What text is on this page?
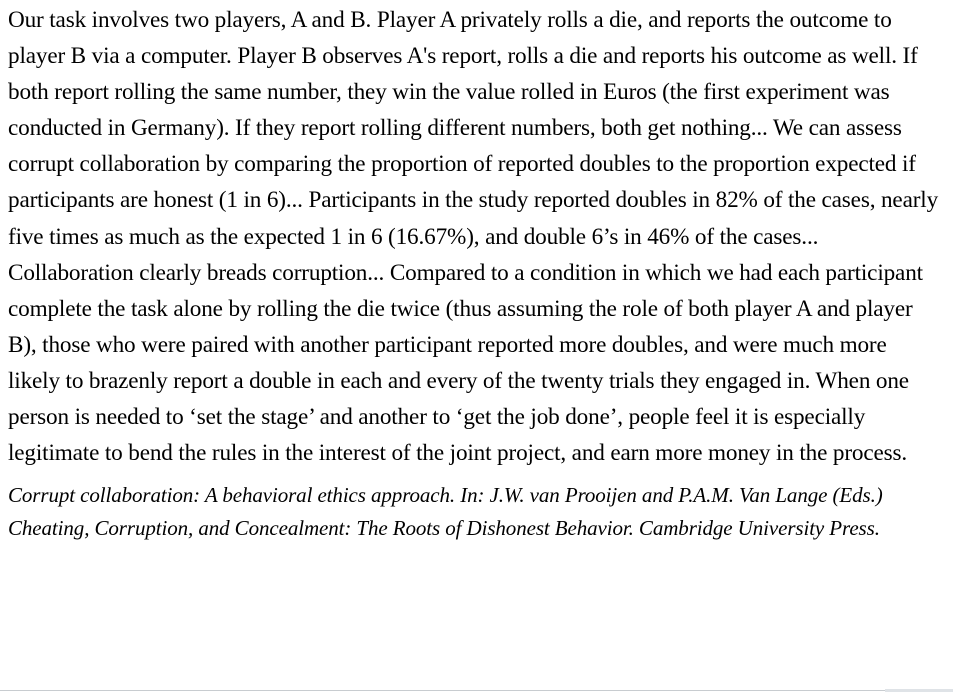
Our task involves two players, A and B. Player A privately rolls a die, and reports the outcome to player B via a computer. Player B observes A's report, rolls a die and reports his outcome as well. If both report rolling the same number, they win the value rolled in Euros (the first experiment was conducted in Germany). If they report rolling different numbers, both get nothing... We can assess corrupt collaboration by comparing the proportion of reported doubles to the proportion expected if participants are honest (1 in 6)... Participants in the study reported doubles in 82% of the cases, nearly five times as much as the expected 1 in 6 (16.67%), and double 6’s in 46% of the cases... Collaboration clearly breads corruption... Compared to a condition in which we had each participant complete the task alone by rolling the die twice (thus assuming the role of both player A and player B), those who were paired with another participant reported more doubles, and were much more likely to brazenly report a double in each and every of the twenty trials they engaged in. When one person is needed to ‘set the stage’ and another to ‘get the job done’, people feel it is especially legitimate to bend the rules in the interest of the joint project, and earn more money in the process.

Corrupt collaboration: A behavioral ethics approach. In: J.W. van Prooijen and P.A.M. Van Lange (Eds.) Cheating, Corruption, and Concealment: The Roots of Dishonest Behavior. Cambridge University Press.
